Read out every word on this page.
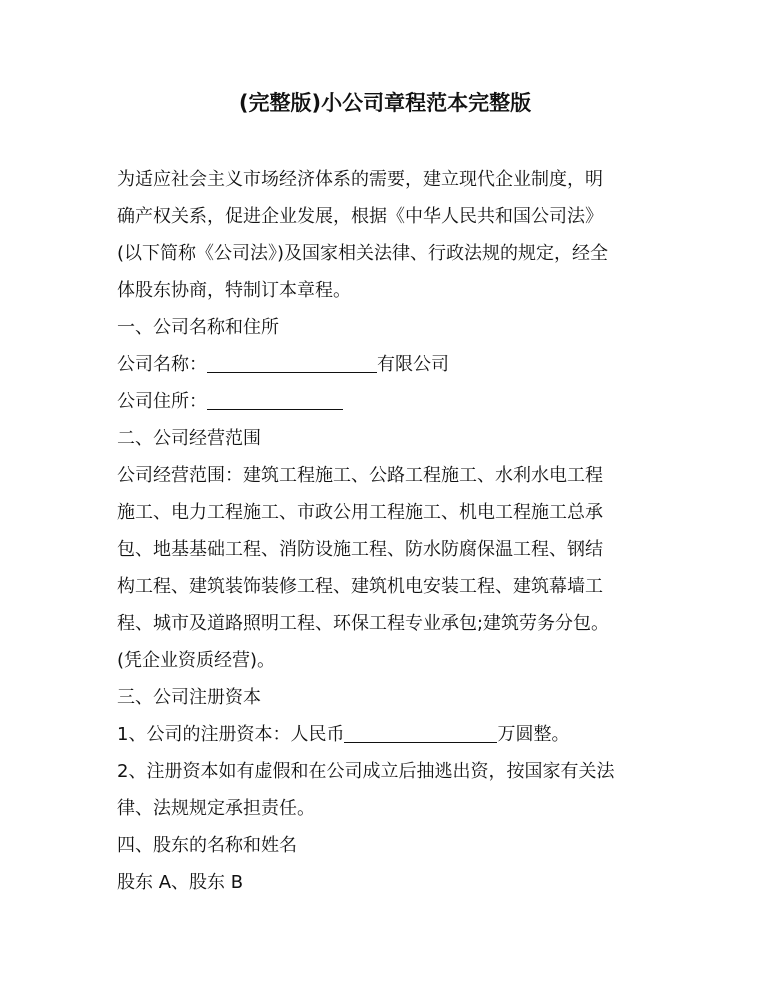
(完整版)小公司章程范本完整版
为适应社会主义市场经济体系的需要，建立现代企业制度，明
确产权关系，促进企业发展，根据《中华人民共和国公司法》
(以下简称《公司法》)及国家相关法律、行政法规的规定，经全
体股东协商，特制订本章程。
一、公司名称和住所
公司名称：	有限公司
公司住所：
二、公司经营范围
公司经营范围：建筑工程施工、公路工程施工、水利水电工程
施工、电力工程施工、市政公用工程施工、机电工程施工总承
包、地基基础工程、消防设施工程、防水防腐保温工程、钢结
构工程、建筑装饰装修工程、建筑机电安装工程、建筑幕墙工
程、城市及道路照明工程、环保工程专业承包;建筑劳务分包。
(凭企业资质经营)。
三、公司注册资本
1、公司的注册资本：人民币	万圆整。
2、注册资本如有虚假和在公司成立后抽逃出资，按国家有关法
律、法规规定承担责任。
四、股东的名称和姓名
股东 A、股东 B
